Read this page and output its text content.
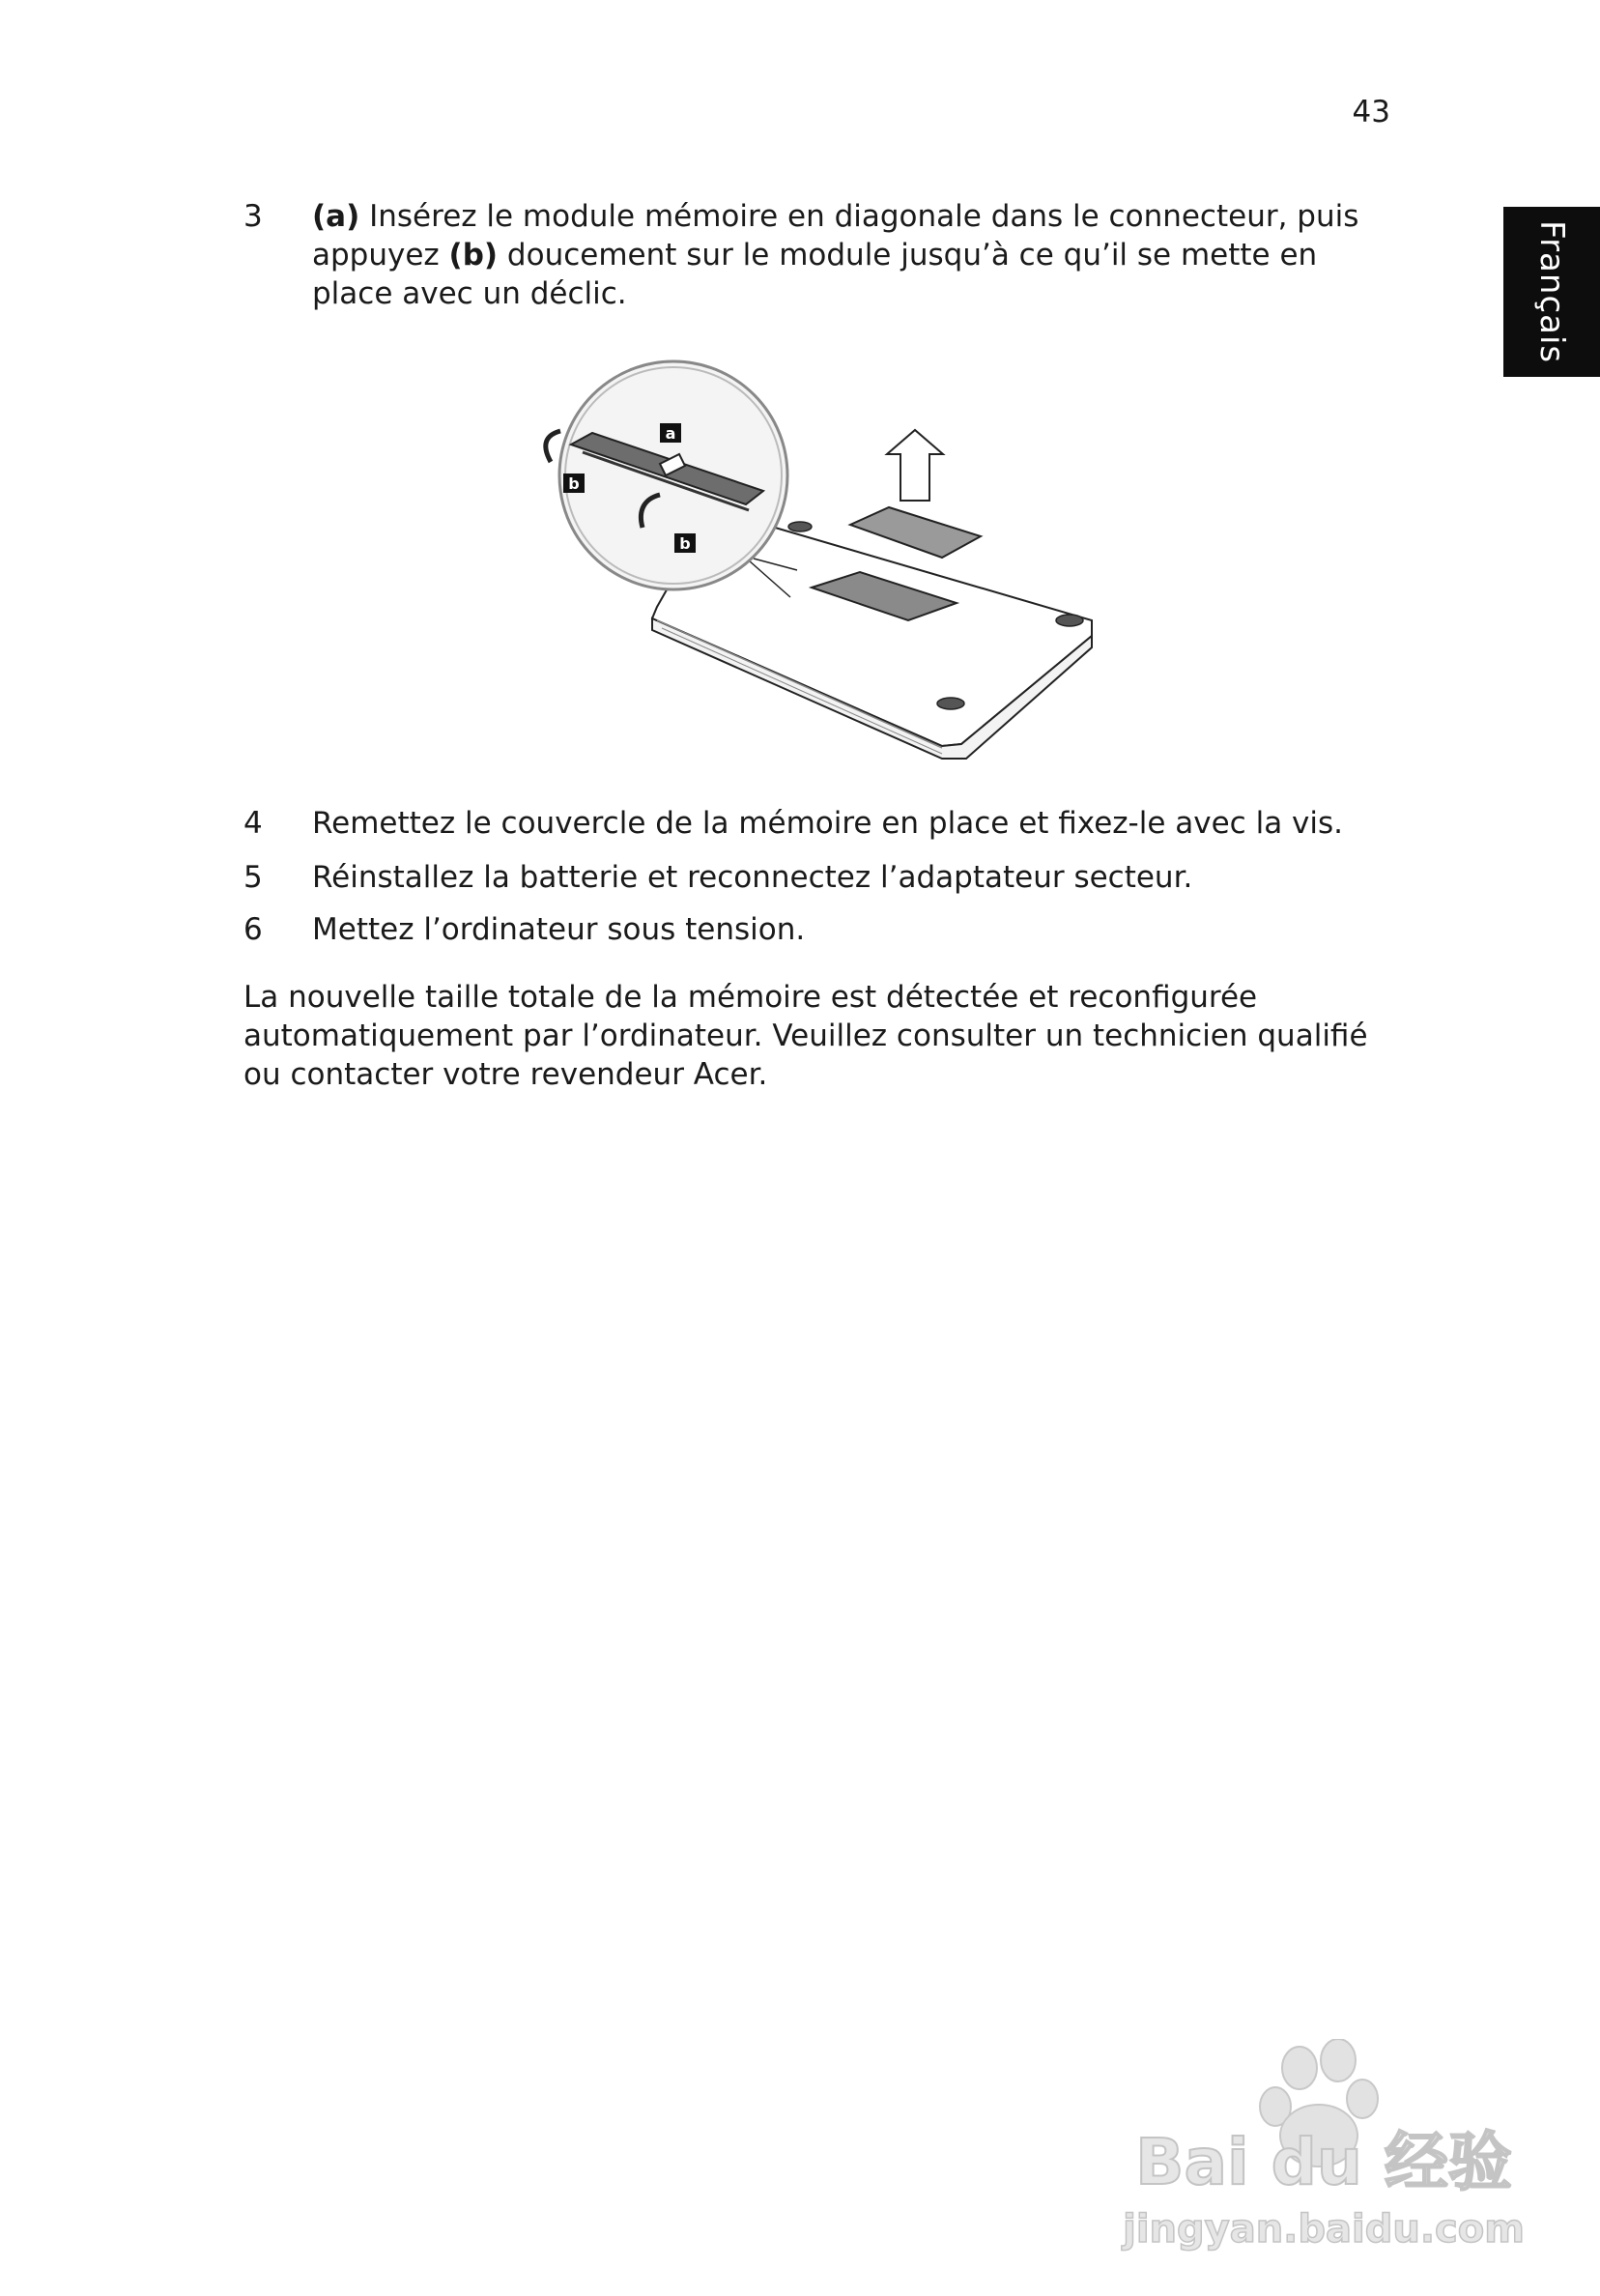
43
Français
3	(a) Insérez le module mémoire en diagonale dans le connecteur, puis appuyez (b) doucement sur le module jusqu’à ce qu’il se mette en place avec un déclic.
a
b
b
4	Remettez le couvercle de la mémoire en place et fixez-le avec la vis.
5	Réinstallez la batterie et reconnectez l’adaptateur secteur.
6	Mettez l’ordinateur sous tension.
La nouvelle taille totale de la mémoire est détectée et reconfigurée automatiquement par l’ordinateur. Veuillez consulter un technicien qualifié ou contacter votre revendeur Acer.
Bai du 经验
jingyan.baidu.com
